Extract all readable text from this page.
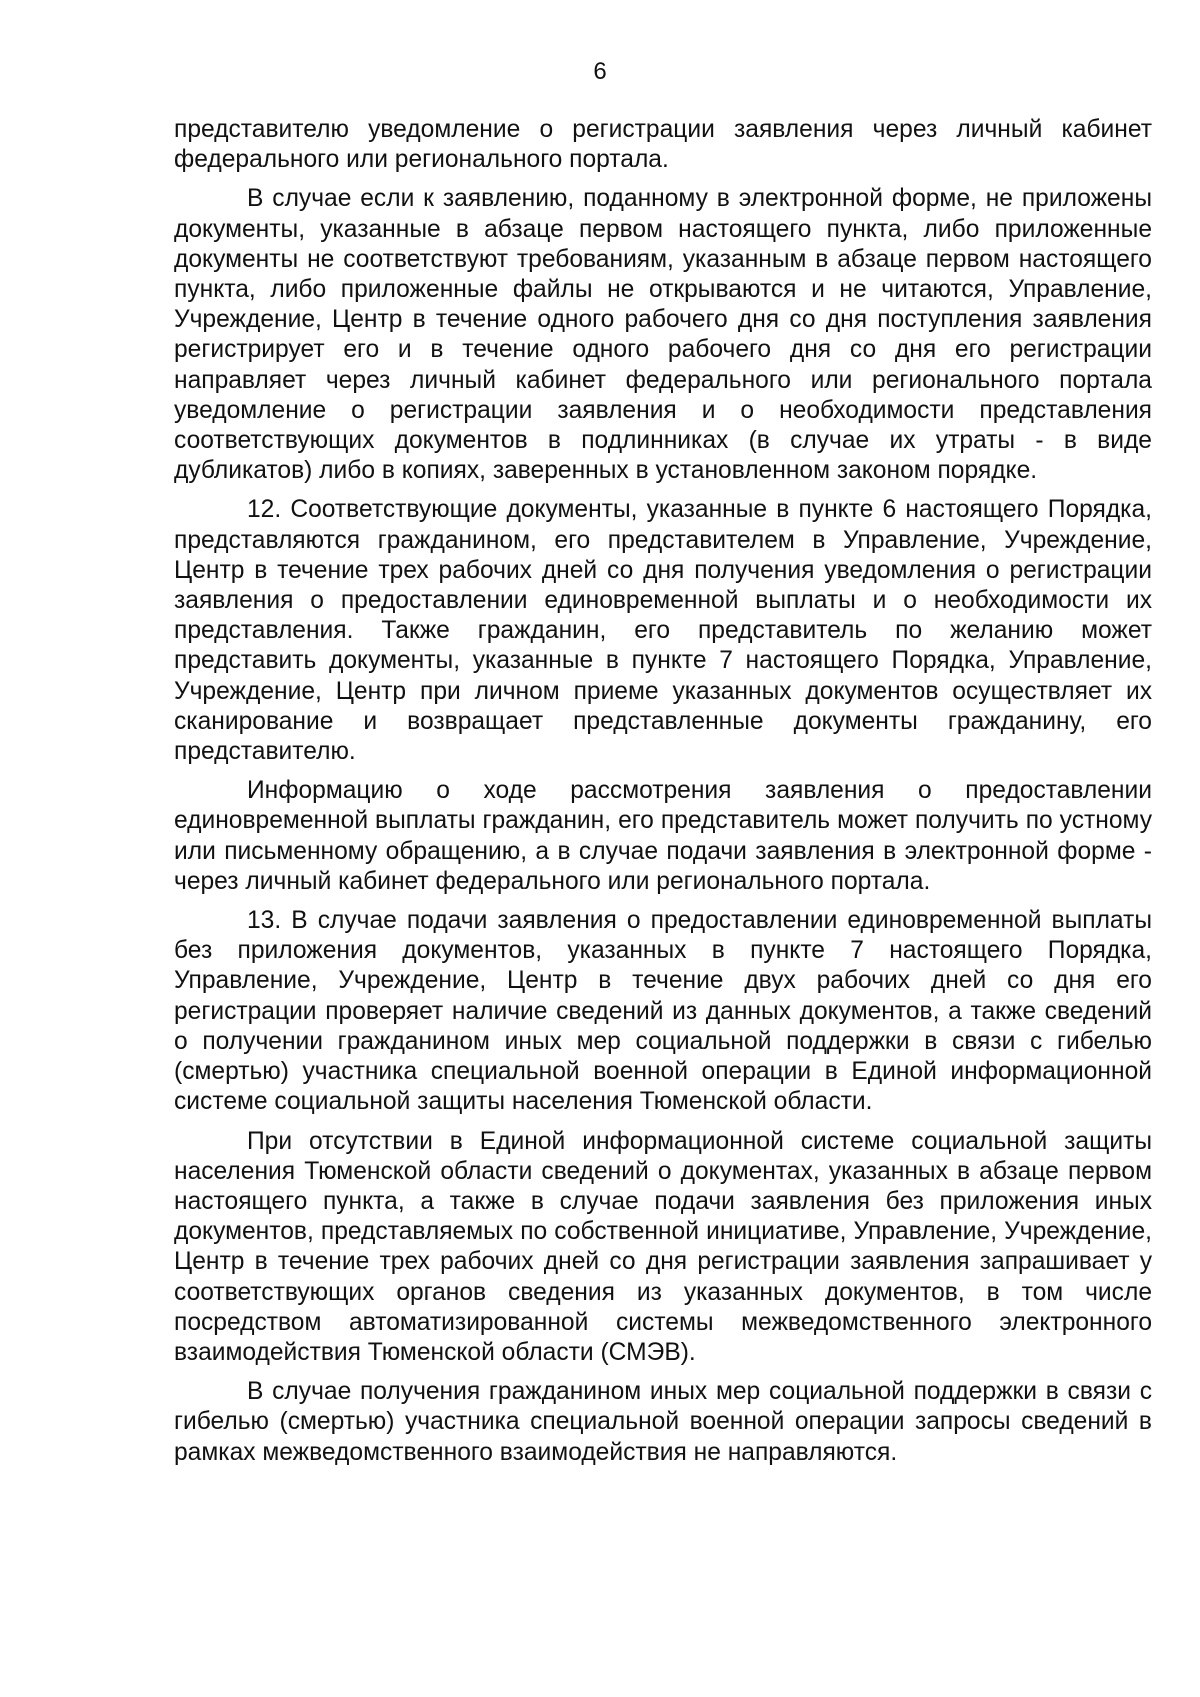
6

представителю уведомление о регистрации заявления через личный кабинет федерального или регионального портала.

В случае если к заявлению, поданному в электронной форме, не приложены документы, указанные в абзаце первом настоящего пункта, либо приложенные документы не соответствуют требованиям, указанным в абзаце первом настоящего пункта, либо приложенные файлы не открываются и не читаются, Управление, Учреждение, Центр в течение одного рабочего дня со дня поступления заявления регистрирует его и в течение одного рабочего дня со дня его регистрации направляет через личный кабинет федерального или регионального портала уведомление о регистрации заявления и о необходимости представления соответствующих документов в подлинниках (в случае их утраты - в виде дубликатов) либо в копиях, заверенных в установленном законом порядке.

12. Соответствующие документы, указанные в пункте 6 настоящего Порядка, представляются гражданином, его представителем в Управление, Учреждение, Центр в течение трех рабочих дней со дня получения уведомления о регистрации заявления о предоставлении единовременной выплаты и о необходимости их представления. Также гражданин, его представитель по желанию может представить документы, указанные в пункте 7 настоящего Порядка, Управление, Учреждение, Центр при личном приеме указанных документов осуществляет их сканирование и возвращает представленные документы гражданину, его представителю.

Информацию о ходе рассмотрения заявления о предоставлении единовременной выплаты гражданин, его представитель может получить по устному или письменному обращению, а в случае подачи заявления в электронной форме - через личный кабинет федерального или регионального портала.

13. В случае подачи заявления о предоставлении единовременной выплаты без приложения документов, указанных в пункте 7 настоящего Порядка, Управление, Учреждение, Центр в течение двух рабочих дней со дня его регистрации проверяет наличие сведений из данных документов, а также сведений о получении гражданином иных мер социальной поддержки в связи с гибелью (смертью) участника специальной военной операции в Единой информационной системе социальной защиты населения Тюменской области.

При отсутствии в Единой информационной системе социальной защиты населения Тюменской области сведений о документах, указанных в абзаце первом настоящего пункта, а также в случае подачи заявления без приложения иных документов, представляемых по собственной инициативе, Управление, Учреждение, Центр в течение трех рабочих дней со дня регистрации заявления запрашивает у соответствующих органов сведения из указанных документов, в том числе посредством автоматизированной системы межведомственного электронного взаимодействия Тюменской области (СМЭВ).

В случае получения гражданином иных мер социальной поддержки в связи с гибелью (смертью) участника специальной военной операции запросы сведений в рамках межведомственного взаимодействия не направляются.
